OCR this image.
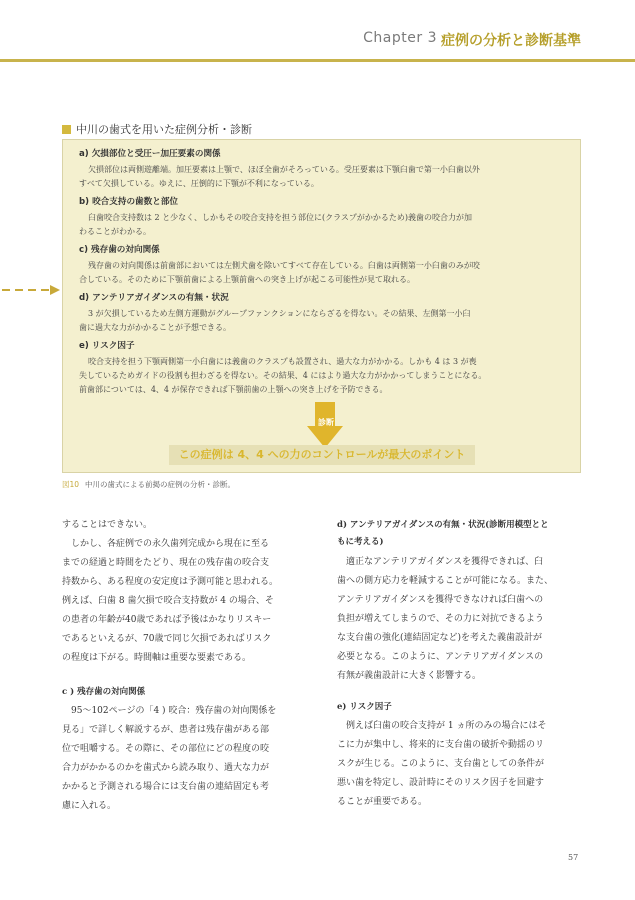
Chapter 3 症例の分析と診断基準
中川の歯式を用いた症例分析・診断

a) 欠損部位と受圧ー加圧要素の関係

欠損部位は両側遊離端。加圧要素は上顎で、ほぼ全歯がそろっている。受圧要素は下顎臼歯で第一小臼歯以外
すべて欠損している。ゆえに、圧倒的に下顎が不利になっている。

b) 咬合支持の歯数と部位

臼歯咬合支持数は 2 と少なく、しかもその咬合支持を担う部位に(クラスプがかかるため)義歯の咬合力が加
わることがわかる。

c) 残存歯の対向関係

残存歯の対向関係は前歯部においては左側犬歯を除いてすべて存在している。臼歯は両側第一小臼歯のみが咬
合している。そのために下顎前歯による上顎前歯への突き上げが起こる可能性が見て取れる。

d) アンテリアガイダンスの有無・状況

3 が欠損しているため左側方運動がグループファンクションにならざるを得ない。その結果、左側第一小臼
歯に過大な力がかかることが予想できる。

e) リスク因子

咬合支持を担う下顎両側第一小臼歯には義歯のクラスプも設置され、過大な力がかかる。しかも 4 は 3 が喪
失しているためガイドの役割も担わざるを得ない。その結果、4 にはより過大な力がかかってしまうことになる。
前歯部については、4、4 が保存できれば下顎前歯の上顎への突き上げを予防できる。

診断
この症例は 4、4 への力のコントロールが最大のポイント
図10 中川の歯式による前掲の症例の分析・診断。

することはできない。
　しかし、各症例での永久歯列完成から現在に至る
までの経過と時間をたどり、現在の残存歯の咬合支
持数から、ある程度の安定度は予測可能と思われる。
例えば、臼歯 8 歯欠損で咬合支持数が 4 の場合、そ
の患者の年齢が40歳であれば予後はかなりリスキー
であるといえるが、70歳で同じ欠損であればリスク
の程度は下がる。時間軸は重要な要素である。

c ) 残存歯の対向関係

　95〜102ページの「4 ) 咬合：残存歯の対向関係を
見る」で詳しく解説するが、患者は残存歯がある部
位で咀嚼する。その際に、その部位にどの程度の咬
合力がかかるのかを歯式から読み取り、過大な力が
かかると予測される場合には支台歯の連結固定も考
慮に入れる。

d) アンテリアガイダンスの有無・状況(診断用模型とと
もに考える)

　適正なアンテリアガイダンスを獲得できれば、臼
歯への側方応力を軽減することが可能になる。また、
アンテリアガイダンスを獲得できなければ臼歯への
負担が増えてしまうので、その力に対抗できるよう
な支台歯の強化(連結固定など)を考えた義歯設計が
必要となる。このように、アンテリアガイダンスの
有無が義歯設計に大きく影響する。

e) リスク因子

　例えば臼歯の咬合支持が 1 ヵ所のみの場合にはそ
こに力が集中し、将来的に支台歯の破折や動揺のリ
スクが生じる。このように、支台歯としての条件が
悪い歯を特定し、設計時にそのリスク因子を回避す
ることが重要である。

57
